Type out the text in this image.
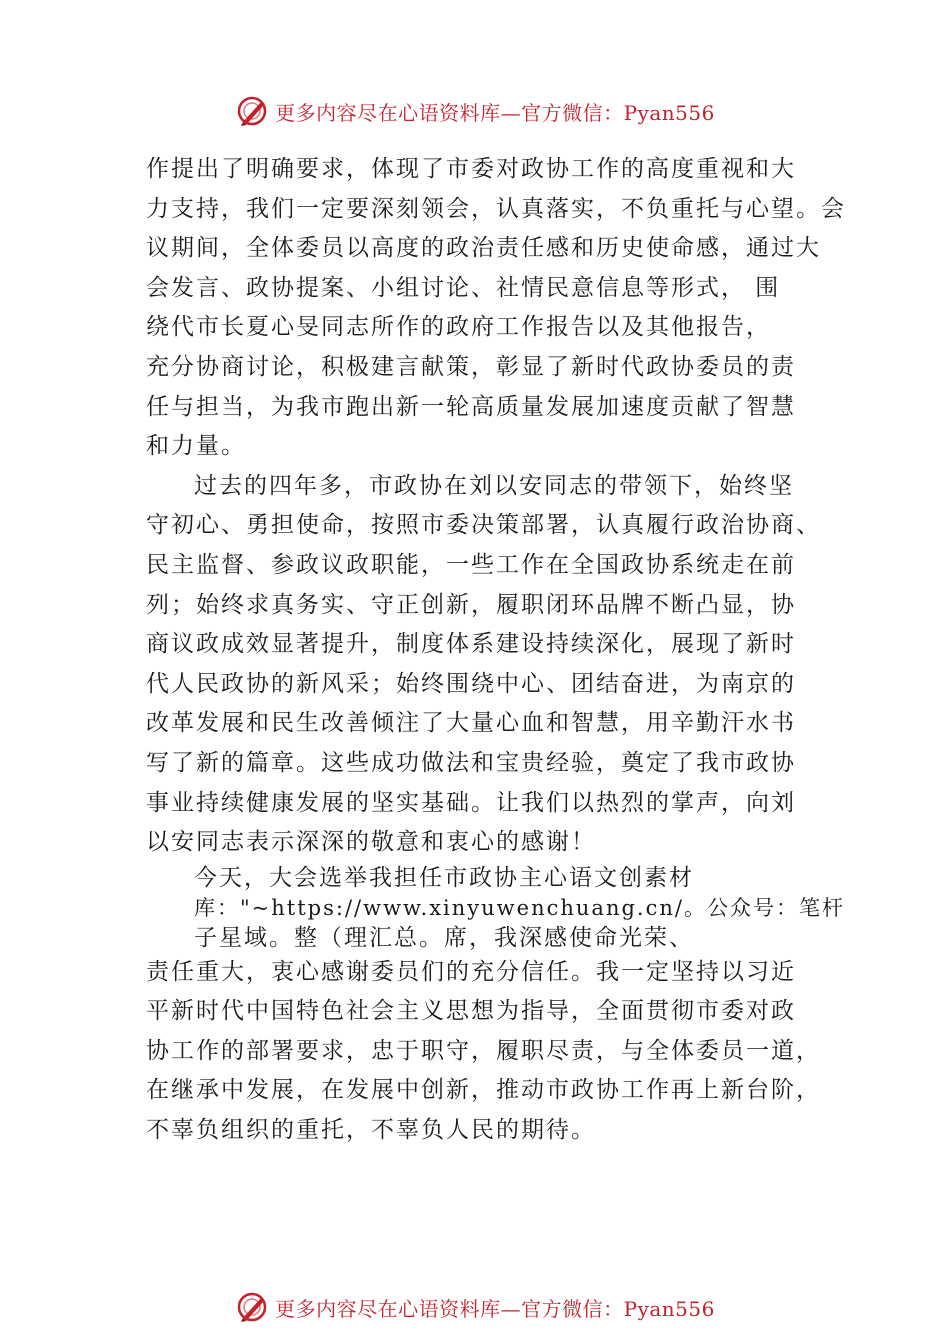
更多内容尽在心语资料库—官方微信：Pyan556
作提出了明确要求，体现了市委对政协工作的高度重视和大
力支持，我们一定要深刻领会，认真落实，不负重托与心望。会
议期间，全体委员以高度的政治责任感和历史使命感，通过大
会发言、政协提案、小组讨论、社情民意信息等形式， 围
绕代市长夏心旻同志所作的政府工作报告以及其他报告，
充分协商讨论，积极建言献策，彰显了新时代政协委员的责
任与担当，为我市跑出新一轮高质量发展加速度贡献了智慧
和力量。
过去的四年多，市政协在刘以安同志的带领下，始终坚
守初心、勇担使命，按照市委决策部署，认真履行政治协商、
民主监督、参政议政职能，一些工作在全国政协系统走在前
列；始终求真务实、守正创新，履职闭环品牌不断凸显，协
商议政成效显著提升，制度体系建设持续深化，展现了新时
代人民政协的新风采；始终围绕中心、团结奋进，为南京的
改革发展和民生改善倾注了大量心血和智慧，用辛勤汗水书
写了新的篇章。这些成功做法和宝贵经验，奠定了我市政协
事业持续健康发展的坚实基础。让我们以热烈的掌声，向刘
以安同志表示深深的敬意和衷心的感谢！
今天，大会选举我担任市政协主心语文创素材
库："~https://www.xinyuwenchuang.cn/。公众号：笔杆
子星域。整（理汇总。席，我深感使命光荣、
责任重大，衷心感谢委员们的充分信任。我一定坚持以习近
平新时代中国特色社会主义思想为指导，全面贯彻市委对政
协工作的部署要求，忠于职守，履职尽责，与全体委员一道，
在继承中发展，在发展中创新，推动市政协工作再上新台阶，
不辜负组织的重托，不辜负人民的期待。
更多内容尽在心语资料库—官方微信：Pyan556
